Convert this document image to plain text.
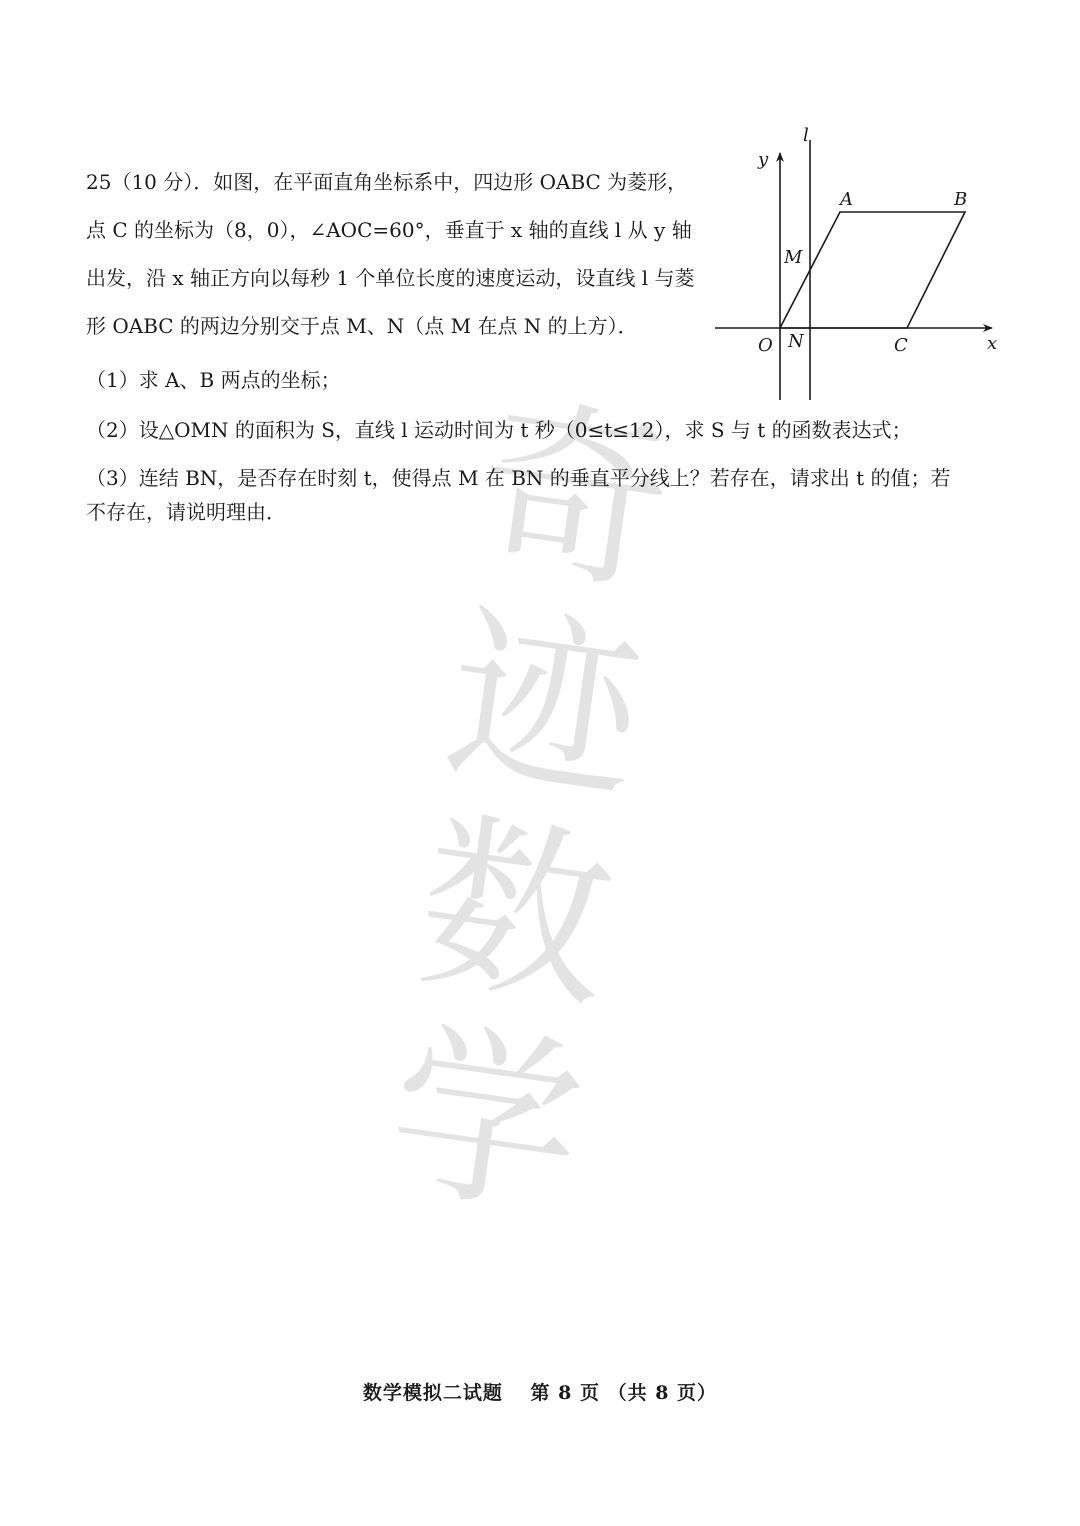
奇
迹
数
学
25（10 分）．如图，在平面直角坐标系中，四边形 OABC 为菱形，
点 C 的坐标为（8，0），∠AOC=60°，垂直于 x 轴的直线 l 从 y 轴
出发，沿 x 轴正方向以每秒 1 个单位长度的速度运动，设直线 l 与菱
形 OABC 的两边分别交于点 M、N（点 M 在点 N 的上方）．
（1）求 A、B 两点的坐标；
（2）设△OMN 的面积为 S，直线 l 运动时间为 t 秒（0≤t≤12），求 S 与 t 的函数表达式；
（3）连结 BN，是否存在时刻 t，使得点 M 在 BN 的垂直平分线上？若存在，请求出 t 的值；若
不存在，请说明理由．
l
y
x
A	B
M
O N	C
数学模拟二试题　 第 8 页 （共 8 页）
